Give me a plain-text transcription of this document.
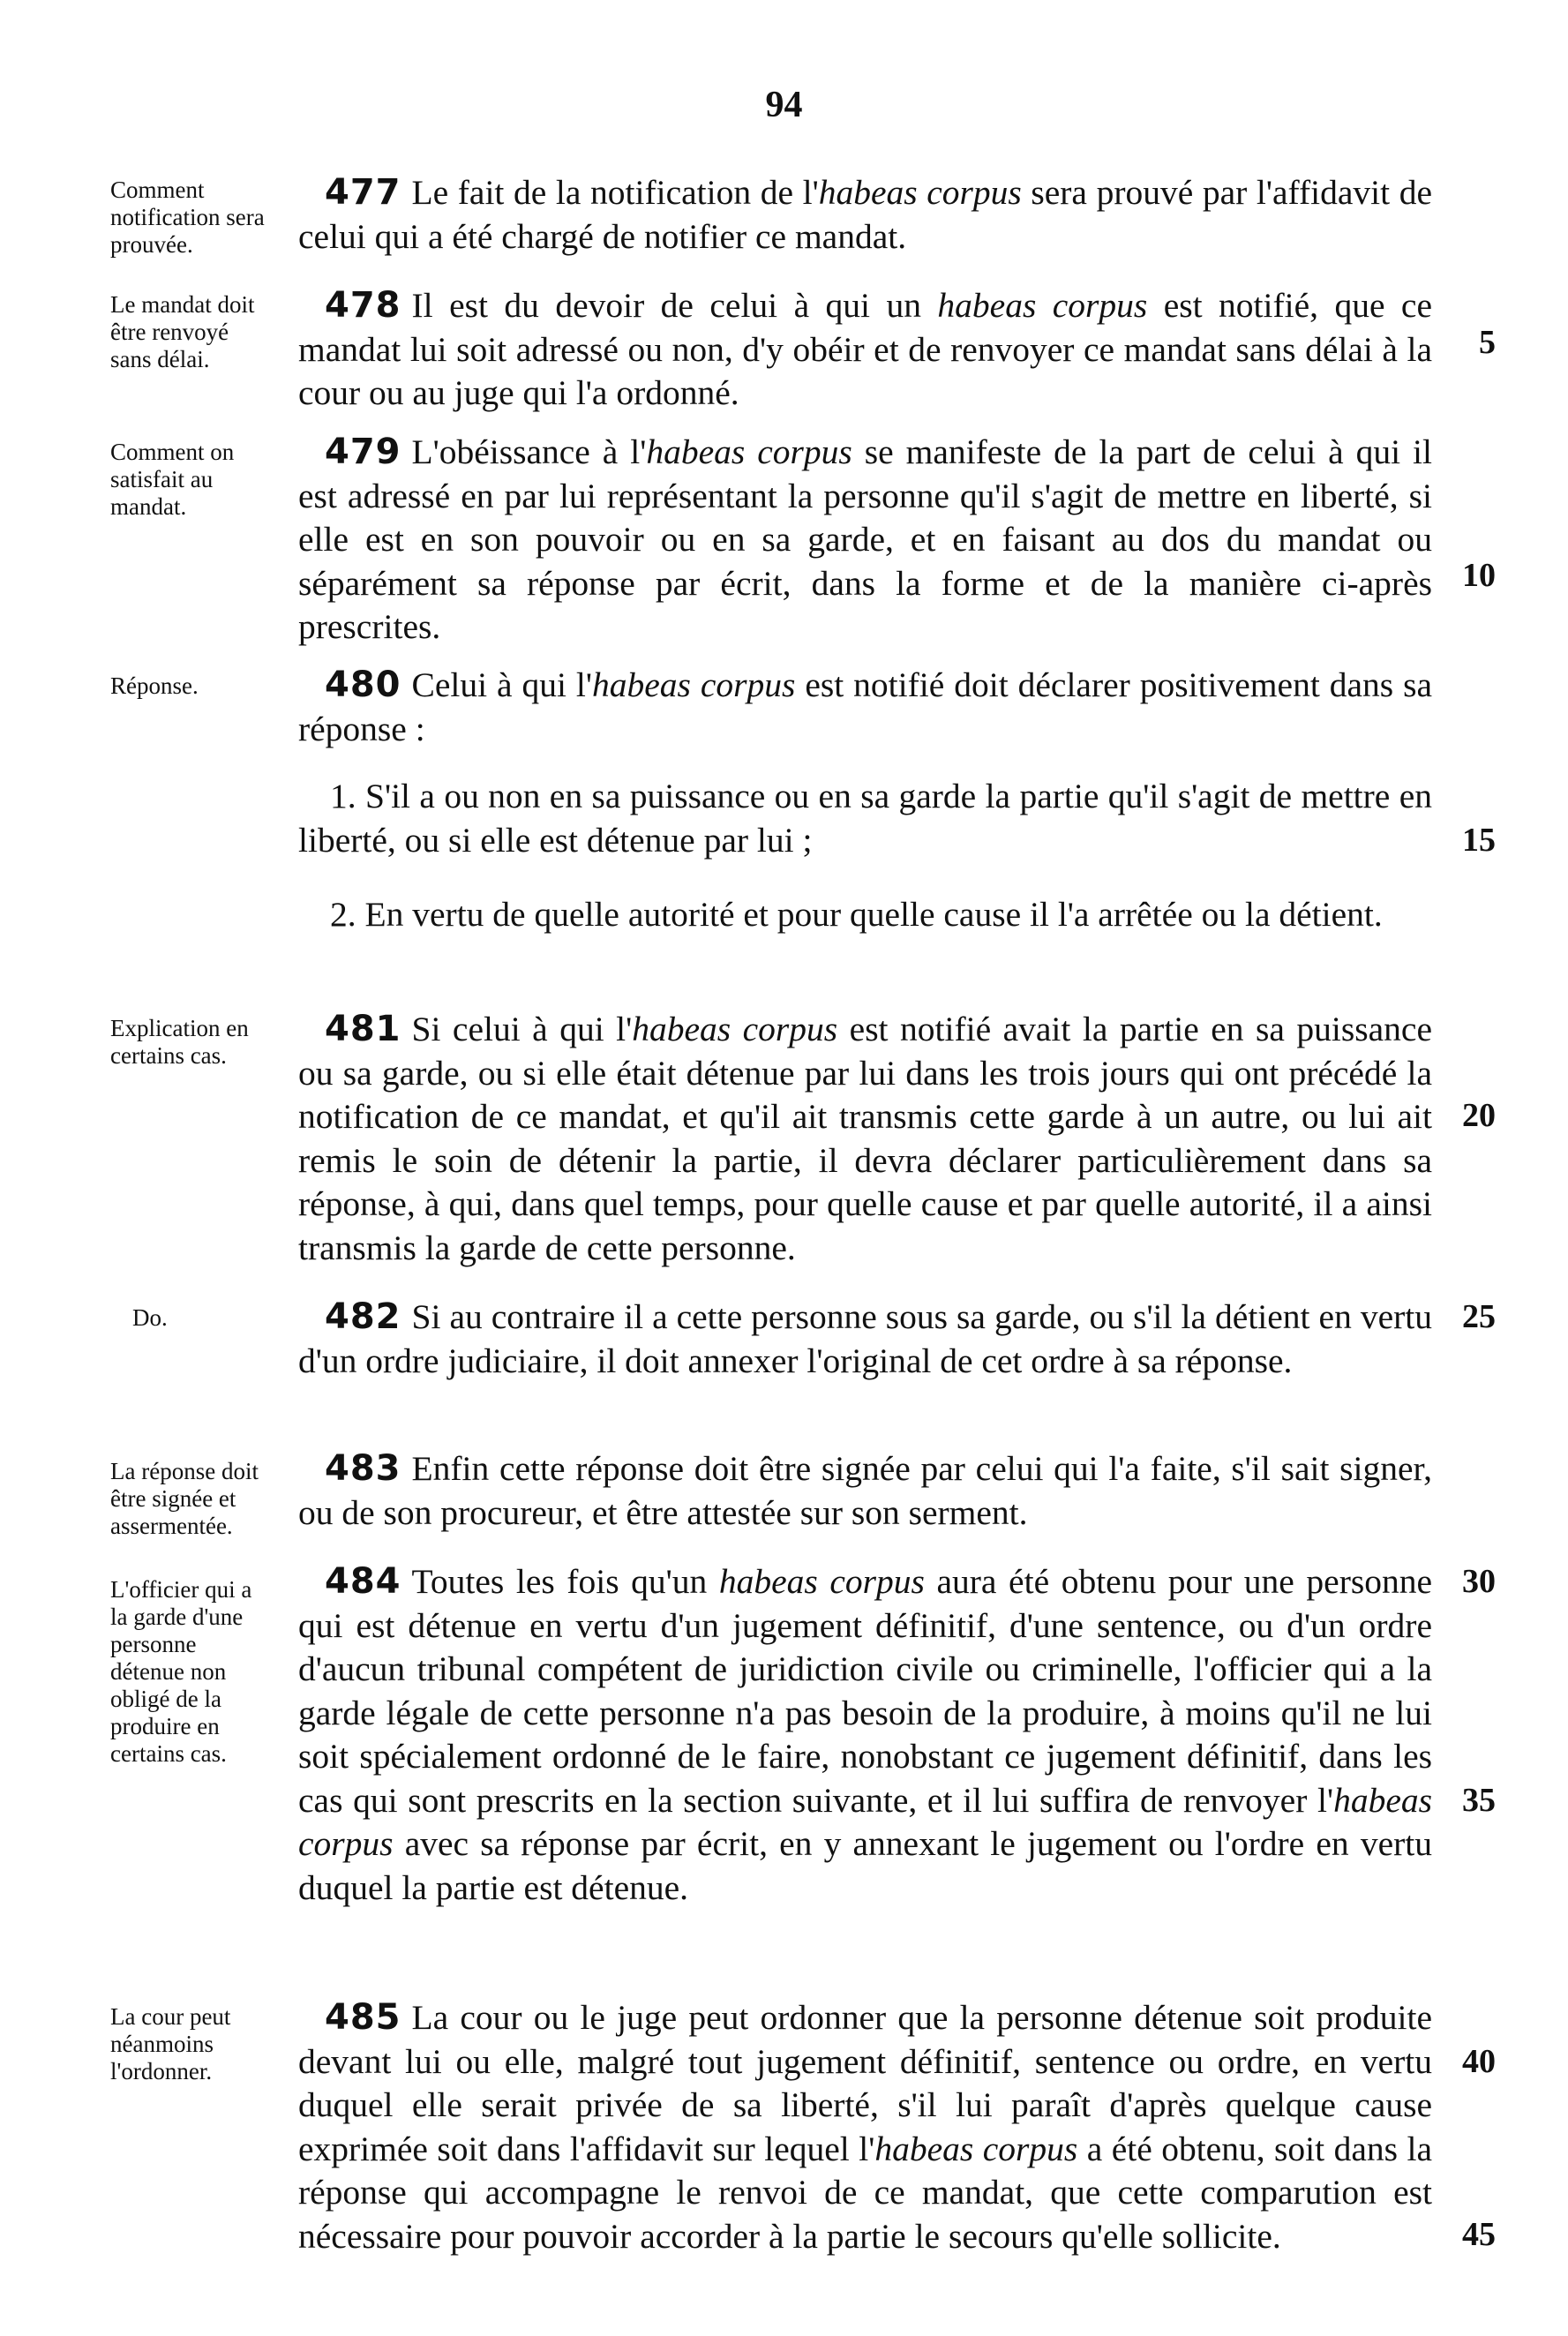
94
Comment notification sera prouvée.
477 Le fait de la notification de l'habeas corpus sera prouvé par l'affidavit de celui qui a été chargé de notifier ce mandat.
Le mandat doit être renvoyé sans délai.
478 Il est du devoir de celui à qui un habeas corpus est notifié, que ce mandat lui soit adressé ou non, d'y obéir et de renvoyer ce mandat sans délai à la cour ou au juge qui l'a ordonné.
5
Comment on satisfait au mandat.
479 L'obéissance à l'habeas corpus se manifeste de la part de celui à qui il est adressé en par lui représentant la personne qu'il s'agit de mettre en liberté, si elle est en son pouvoir ou en sa garde, et en faisant au dos du mandat ou séparément sa réponse par écrit, dans la forme et de la manière ci-après prescrites.
10
Réponse.	480 Celui à qui l'habeas corpus est notifié doit déclarer positivement dans sa réponse :
1. S'il a ou non en sa puissance ou en sa garde la partie qu'il s'agit de mettre en liberté, ou si elle est détenue par lui ;
2. En vertu de quelle autorité et pour quelle cause il l'a arrêtée ou la détient.
15
Explication en certains cas.
481 Si celui à qui l'habeas corpus est notifié avait la partie en sa puissance ou sa garde, ou si elle était détenue par lui dans les trois jours qui ont précédé la notification de ce mandat, et qu'il ait transmis cette garde à un autre, ou lui ait remis le soin de détenir la partie, il devra déclarer particulièrement dans sa réponse, à qui, dans quel temps, pour quelle cause et par quelle autorité, il a ainsi transmis la garde de cette personne.
20
Do.	482 Si au contraire il a cette personne sous sa garde, ou s'il la détient en vertu d'un ordre judiciaire, il doit annexer l'original de cet ordre à sa réponse.
25
La réponse doit être signée et assermentée.
483 Enfin cette réponse doit être signée par celui qui l'a faite, s'il sait signer, ou de son procureur, et être attestée sur son serment.
L'officier qui a la garde d'une personne détenue non obligé de la produire en certains cas.
484 Toutes les fois qu'un habeas corpus aura été obtenu pour une personne qui est détenue en vertu d'un jugement définitif, d'une sentence, ou d'un ordre d'aucun tribunal compétent de juridiction civile ou criminelle, l'officier qui a la garde légale de cette personne n'a pas besoin de la produire, à moins qu'il ne lui soit spécialement ordonné de le faire, nonobstant ce jugement définitif, dans les cas qui sont prescrits en la section suivante, et il lui suffira de renvoyer l'habeas corpus avec sa réponse par écrit, en y annexant le jugement ou l'ordre en vertu duquel la partie est détenue.
30
35
La cour peut néanmoins l'ordonner.
485 La cour ou le juge peut ordonner que la personne détenue soit produite devant lui ou elle, malgré tout jugement définitif, sentence ou ordre, en vertu duquel elle serait privée de sa liberté, s'il lui paraît d'après quelque cause exprimée soit dans l'affidavit sur lequel l'habeas corpus a été obtenu, soit dans la réponse qui accompagne le renvoi de ce mandat, que cette comparution est nécessaire pour pouvoir accorder à la partie le secours qu'elle sollicite.
40
45
